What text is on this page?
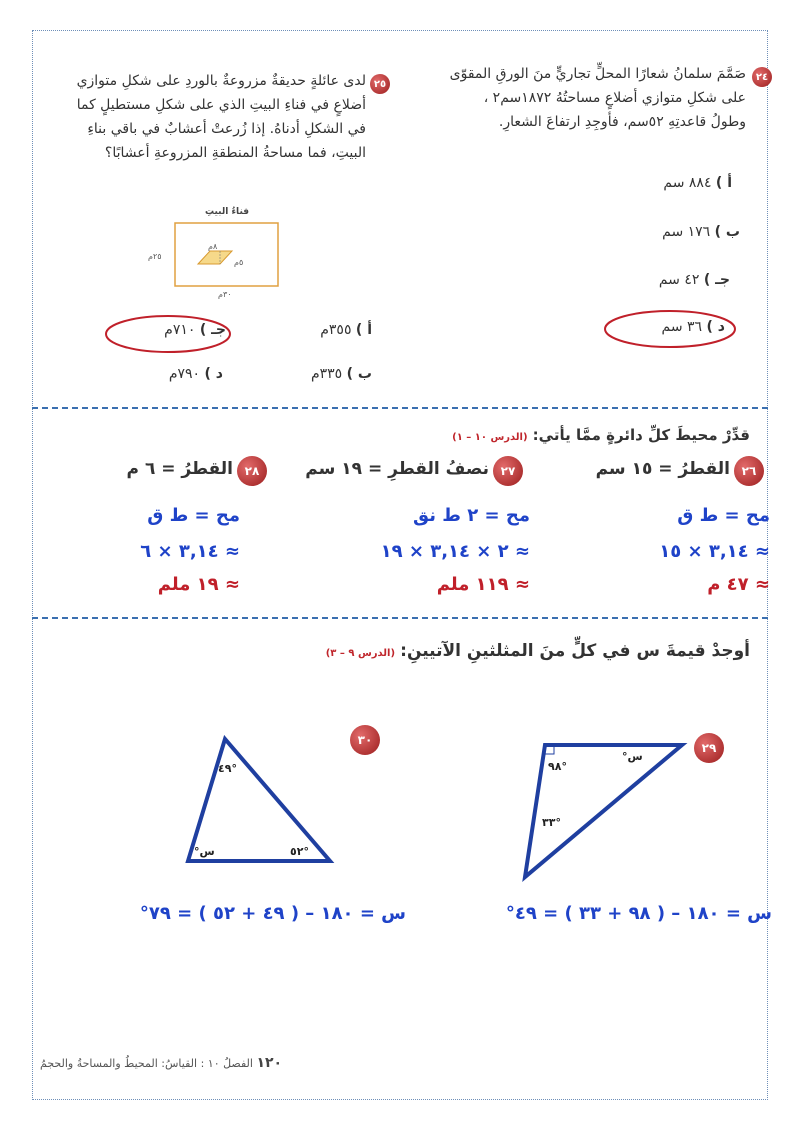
٢٤
صَمَّمَ سلمانُ شعارًا المحلٍّ تجاريٍّ منَ الورقِ المقوّى
على شكلِ متوازي أضلاعٍ مساحتُهُ ١٨٧٢سم٢ ،
وطولُ قاعدتِهِ ٥٢سم، فأوجِدِ ارتفاعَ الشعارِ.
أ ) ٨٨٤ سم
ب ) ١٧٦ سم
جـ ) ٤٢ سم
د ) ٣٦ سم
٢٥
لدى عائلةٍ حديقةٌ مزروعةٌ بالوردِ على شكلِ متوازي
أضلاعٍ في فناءِ البيتِ الذي على شكلِ مستطيلٍ كما
في الشكلِ أدناهُ. إذا زُرعتْ أعشابٌ في باقي بناءِ
البيتِ، فما مساحةُ المنطقةِ المزروعةِ أعشابًا؟
فناءُ البيتِ
٢٥م
٨م
٥م
٣٠م
أ ) ٣٥٥م
جـ ) ٧١٠م
ب ) ٣٣٥م
د ) ٧٩٠م
قدِّرْ محيطَ كلِّ دائرةٍ ممَّا يأتي: (الدرس ١٠ – ١)
٢٦
القطرُ = ١٥ سم
مح = ط ق
≈ ٣,١٤ × ١٥
≈ ٤٧ م
٢٧
نصفُ القطرِ = ١٩ سم
مح = ٢ ط نق
≈ ٢ × ٣,١٤ × ١٩
≈ ١١٩ ملم
٢٨
القطرُ = ٦ م
مح = ط ق
≈ ٣,١٤ × ٦
≈ ١٩ ملم
أوجدْ قيمةَ س في كلٍّ منَ المثلثينِ الآتيينِ: (الدرس ٩ – ٣)
٢٩
٩٨°
°س
٣٣°
٣٠
٤٩°
°س	٥٢°
س = ١٨٠ – ( ٩٨ + ٣٣ ) = ٤٩°
س = ١٨٠ – ( ٤٩ + ٥٢ ) = ٧٩°
١٢٠ الفصلُ ١٠ : القياسُ: المحيطُ والمساحةُ والحجمُ
